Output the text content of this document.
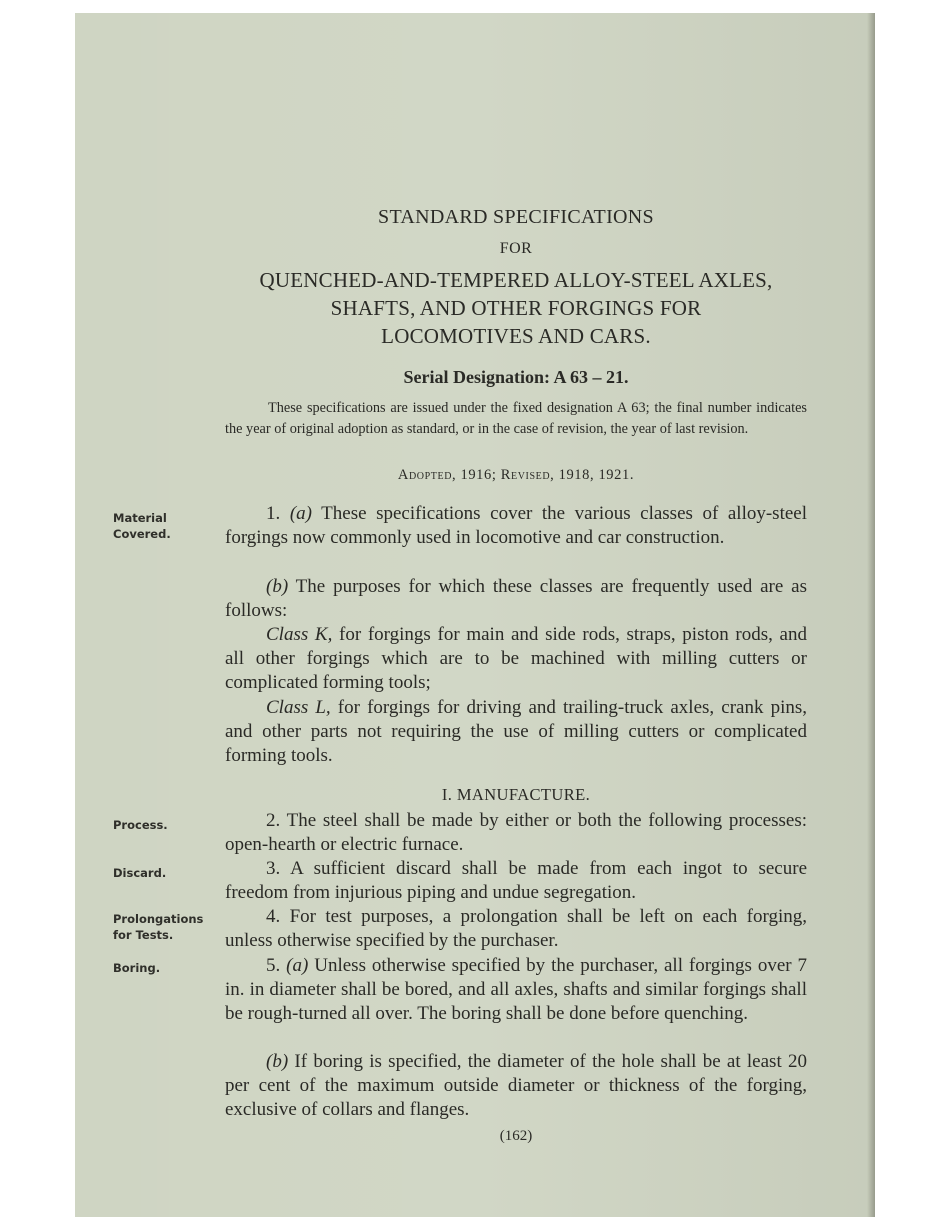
STANDARD SPECIFICATIONS
FOR
QUENCHED-AND-TEMPERED ALLOY-STEEL AXLES,
SHAFTS, AND OTHER FORGINGS FOR
LOCOMOTIVES AND CARS.
Serial Designation: A 63 – 21.
These specifications are issued under the fixed designation A 63; the final number indicates the year of original adoption as standard, or in the case of revision, the year of last revision.
Adopted, 1916; Revised, 1918, 1921.
Material
Covered.
Process.
Discard.
Prolongations
for Tests.
Boring.
1. (a) These specifications cover the various classes of alloy-steel forgings now commonly used in locomotive and car construction.
(b) The purposes for which these classes are frequently used are as follows:
Class K, for forgings for main and side rods, straps, piston rods, and all other forgings which are to be machined with milling cutters or complicated forming tools;
Class L, for forgings for driving and trailing-truck axles, crank pins, and other parts not requiring the use of milling cutters or complicated forming tools.
I. MANUFACTURE.
2. The steel shall be made by either or both the following processes: open-hearth or electric furnace.
3. A sufficient discard shall be made from each ingot to secure freedom from injurious piping and undue segregation.
4. For test purposes, a prolongation shall be left on each forging, unless otherwise specified by the purchaser.
5. (a) Unless otherwise specified by the purchaser, all forgings over 7 in. in diameter shall be bored, and all axles, shafts and similar forgings shall be rough-turned all over. The boring shall be done before quenching.
(b) If boring is specified, the diameter of the hole shall be at least 20 per cent of the maximum outside diameter or thickness of the forging, exclusive of collars and flanges.
(162)
